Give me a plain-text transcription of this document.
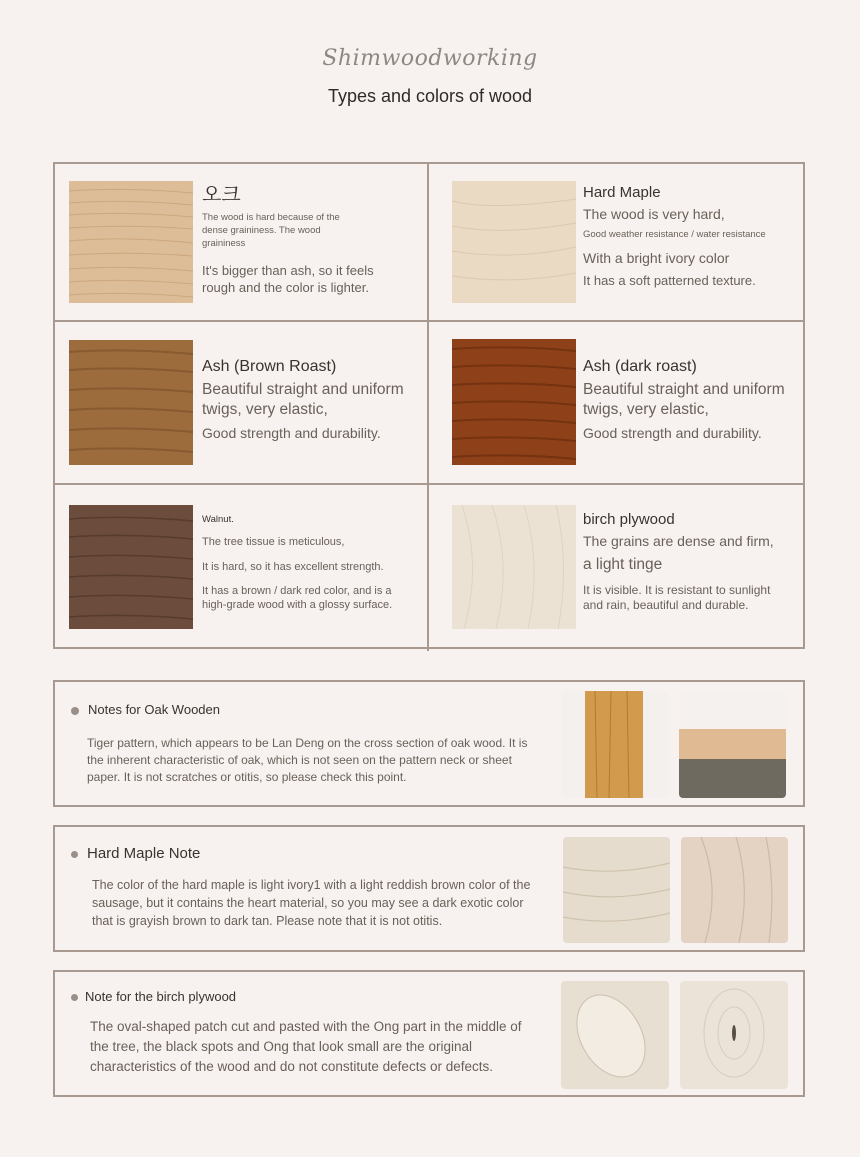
Shimwoodworking
Types and colors of wood

오크

The wood is hard because of the dense graininess. The wood graininess

It's bigger than ash, so it feels rough and the color is lighter.

Hard Maple

The wood is very hard,

Good weather resistance / water resistance

With a bright ivory color

It has a soft patterned texture.

Ash (Brown Roast)

Beautiful straight and uniform twigs, very elastic,

Good strength and durability.

Ash (dark roast)

Beautiful straight and uniform twigs, very elastic,

Good strength and durability.

Walnut.

The tree tissue is meticulous,

It is hard, so it has excellent strength.

It has a brown / dark red color, and is a high-grade wood with a glossy surface.

birch plywood

The grains are dense and firm,

a light tinge

It is visible. It is resistant to sunlight and rain, beautiful and durable.

Notes for Oak Wooden
Tiger pattern, which appears to be Lan Deng on the cross section of oak wood. It is the inherent characteristic of oak, which is not seen on the pattern neck or sheet paper. It is not scratches or otitis, so please check this point.
Hard Maple Note
The color of the hard maple is light ivory1 with a light reddish brown color of the sausage, but it contains the heart material, so you may see a dark exotic color that is grayish brown to dark tan. Please note that it is not otitis.
Note for the birch plywood
The oval-shaped patch cut and pasted with the Ong part in the middle of the tree, the black spots and Ong that look small are the original characteristics of the wood and do not constitute defects or defects.
